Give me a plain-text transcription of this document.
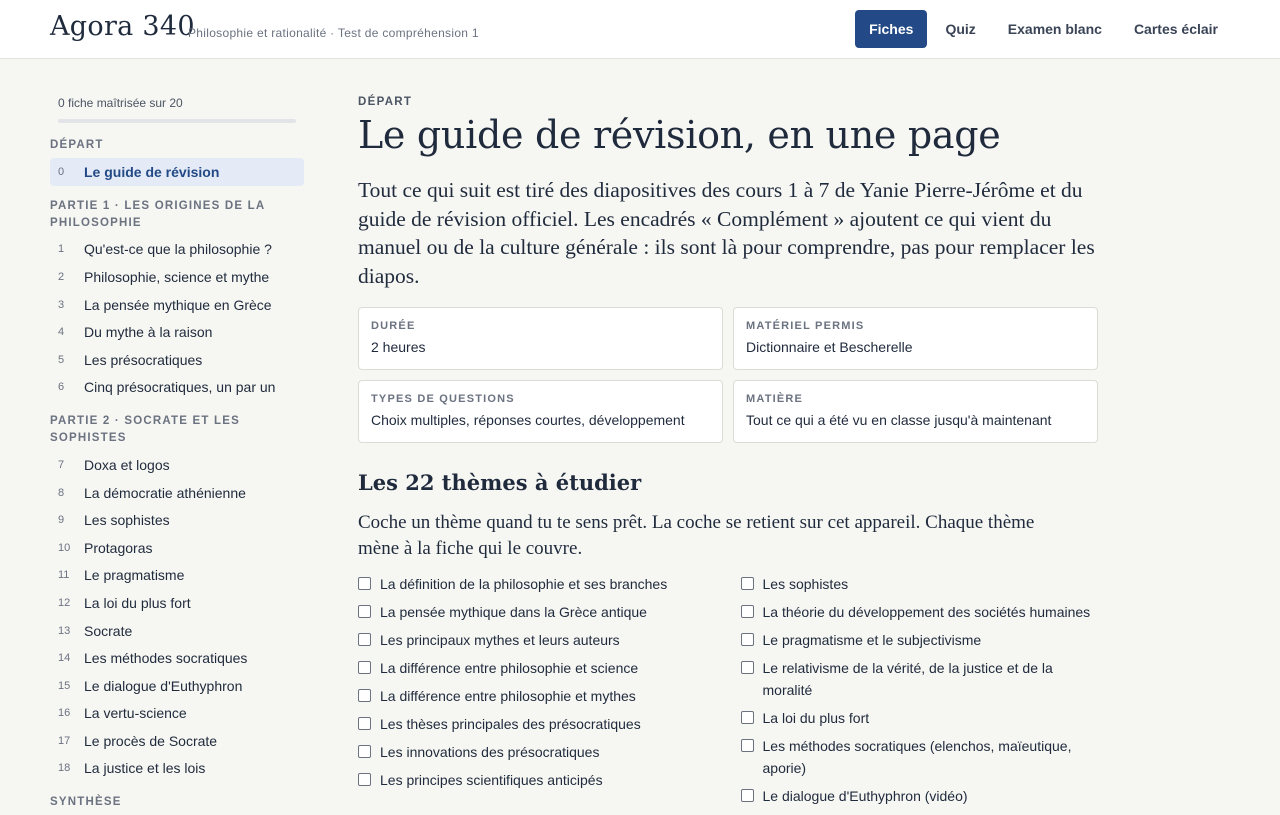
Agora 340
Philosophie et rationalité · Test de compréhension 1	Fiches	Quiz	Examen blanc	Cartes éclair
0 fiche maîtrisée sur 20
DÉPART
0	Le guide de révision
PARTIE 1 · LES ORIGINES DE LA PHILOSOPHIE
1	Qu'est-ce que la philosophie ?
2	Philosophie, science et mythe
3	La pensée mythique en Grèce
4	Du mythe à la raison
5	Les présocratiques
6	Cinq présocratiques, un par un
PARTIE 2 · SOCRATE ET LES SOPHISTES
7	Doxa et logos
8	La démocratie athénienne
9	Les sophistes
10 Protagoras
11	Le pragmatisme
12 La loi du plus fort
13 Socrate
14 Les méthodes socratiques
15 Le dialogue d'Euthyphron
16 La vertu-science
17 Le procès de Socrate
18 La justice et les lois
SYNTHÈSE
DÉPART
Le guide de révision, en une page

Tout ce qui suit est tiré des diapositives des cours 1 à 7 de Yanie Pierre-Jérôme et du guide de révision officiel. Les encadrés « Complément » ajoutent ce qui vient du manuel ou de la culture générale : ils sont là pour comprendre, pas pour remplacer les diapos.

DURÉE
2 heures
MATÉRIEL PERMIS
Dictionnaire et Bescherelle
TYPES DE QUESTIONS
Choix multiples, réponses courtes, développement
MATIÈRE
Tout ce qui a été vu en classe jusqu'à maintenant
Les 22 thèmes à étudier

Coche un thème quand tu te sens prêt. La coche se retient sur cet appareil. Chaque thème mène à la fiche qui le couvre.

La définition de la philosophie et ses branches
La pensée mythique dans la Grèce antique
Les principaux mythes et leurs auteurs
La différence entre philosophie et science
La différence entre philosophie et mythes
Les thèses principales des présocratiques
Les innovations des présocratiques
Les principes scientifiques anticipés
Les sophistes
La théorie du développement des sociétés humaines
Le pragmatisme et le subjectivisme
Le relativisme de la vérité, de la justice et de la moralité
La loi du plus fort
Les méthodes socratiques (elenchos, maïeutique, aporie)
Le dialogue d'Euthyphron (vidéo)
